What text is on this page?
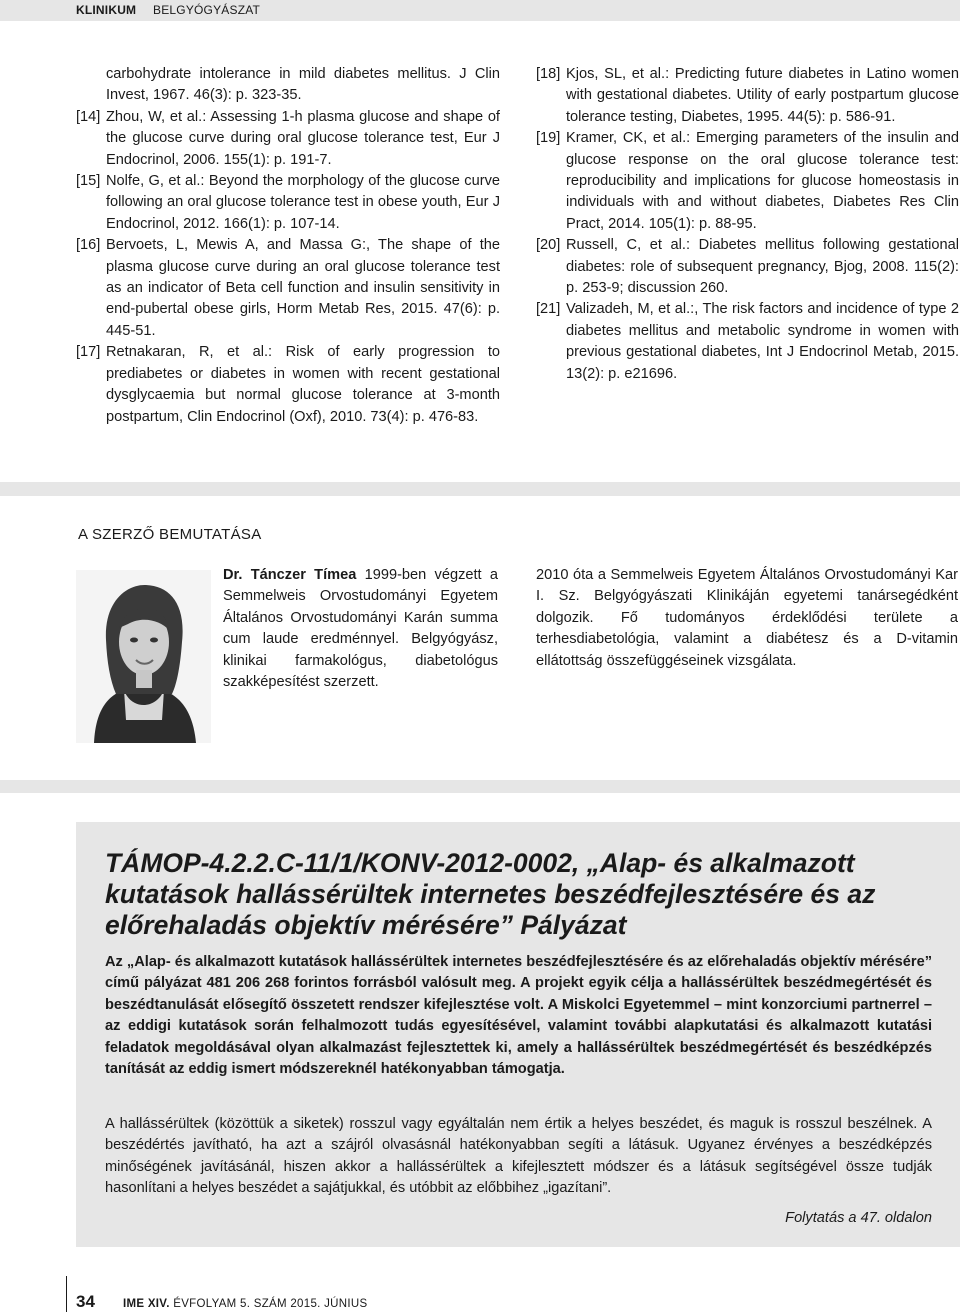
KLINIKUM BELGYÓGYÁSZAT
carbohydrate intolerance in mild diabetes mellitus. J Clin Invest, 1967. 46(3): p. 323-35.
[14] Zhou, W, et al.: Assessing 1-h plasma glucose and shape of the glucose curve during oral glucose tolerance test, Eur J Endocrinol, 2006. 155(1): p. 191-7.
[15] Nolfe, G, et al.: Beyond the morphology of the glucose curve following an oral glucose tolerance test in obese youth, Eur J Endocrinol, 2012. 166(1): p. 107-14.
[16] Bervoets, L, Mewis A, and Massa G:, The shape of the plasma glucose curve during an oral glucose tolerance test as an indicator of Beta cell function and insulin sensitivity in end-pubertal obese girls, Horm Metab Res, 2015. 47(6): p. 445-51.
[17] Retnakaran, R, et al.: Risk of early progression to prediabetes or diabetes in women with recent gestational dysglycaemia but normal glucose tolerance at 3-month postpartum, Clin Endocrinol (Oxf), 2010. 73(4): p. 476-83.
[18] Kjos, SL, et al.: Predicting future diabetes in Latino women with gestational diabetes. Utility of early postpartum glucose tolerance testing, Diabetes, 1995. 44(5): p. 586-91.
[19] Kramer, CK, et al.: Emerging parameters of the insulin and glucose response on the oral glucose tolerance test: reproducibility and implications for glucose homeostasis in individuals with and without diabetes, Diabetes Res Clin Pract, 2014. 105(1): p. 88-95.
[20] Russell, C, et al.: Diabetes mellitus following gestational diabetes: role of subsequent pregnancy, Bjog, 2008. 115(2): p. 253-9; discussion 260.
[21] Valizadeh, M, et al.:, The risk factors and incidence of type 2 diabetes mellitus and metabolic syndrome in women with previous gestational diabetes, Int J Endocrinol Metab, 2015. 13(2): p. e21696.
A SZERZŐ BEMUTATÁSA
Dr. Tánczer Tímea 1999-ben végzett a Semmelweis Orvostudományi Egyetem Általános Orvostudományi Karán summa cum laude eredménnyel. Belgyógyász, klinikai farmakológus, diabetológus szakképesítést szerzett.
2010 óta a Semmelweis Egyetem Általános Orvostudományi Kar I. Sz. Belgyógyászati Klinikáján egyetemi tanársegédként dolgozik. Fő tudományos érdeklődési területe a terhesdiabetológia, valamint a diabétesz és a D-vitamin ellátottság összefüggéseinek vizsgálata.
TÁMOP-4.2.2.C-11/1/KONV-2012-0002, „Alap- és alkalmazott kutatások hallássérültek internetes beszédfejlesztésére és az előrehaladás objektív mérésére” Pályázat
Az „Alap- és alkalmazott kutatások hallássérültek internetes beszédfejlesztésére és az előrehaladás objektív mérésére” című pályázat 481 206 268 forintos forrásból valósult meg. A projekt egyik célja a hallássérültek beszédmegértését és beszédtanulását elősegítő összetett rendszer kifejlesztése volt. A Miskolci Egyetemmel – mint konzorciumi partnerrel – az eddigi kutatások során felhalmozott tudás egyesítésével, valamint további alapkutatási és alkalmazott kutatási feladatok megoldásával olyan alkalmazást fejlesztettek ki, amely a hallássérültek beszédmegértését és beszédképzés tanítását az eddig ismert módszereknél hatékonyabban támogatja.
A hallássérültek (közöttük a siketek) rosszul vagy egyáltalán nem értik a helyes beszédet, és maguk is rosszul beszélnek. A beszédértés javítható, ha azt a szájról olvasásnál hatékonyabban segíti a látásuk. Ugyanez érvényes a beszédképzés minőségének javításánál, hiszen akkor a hallássérültek a kifejlesztett módszer és a látásuk segítségével össze tudják hasonlítani a helyes beszédet a sajátjukkal, és utóbbit az előbbihez „igazítani”.
Folytatás a 47. oldalon
34 IME XIV. ÉVFOLYAM 5. SZÁM 2015. JÚNIUS
